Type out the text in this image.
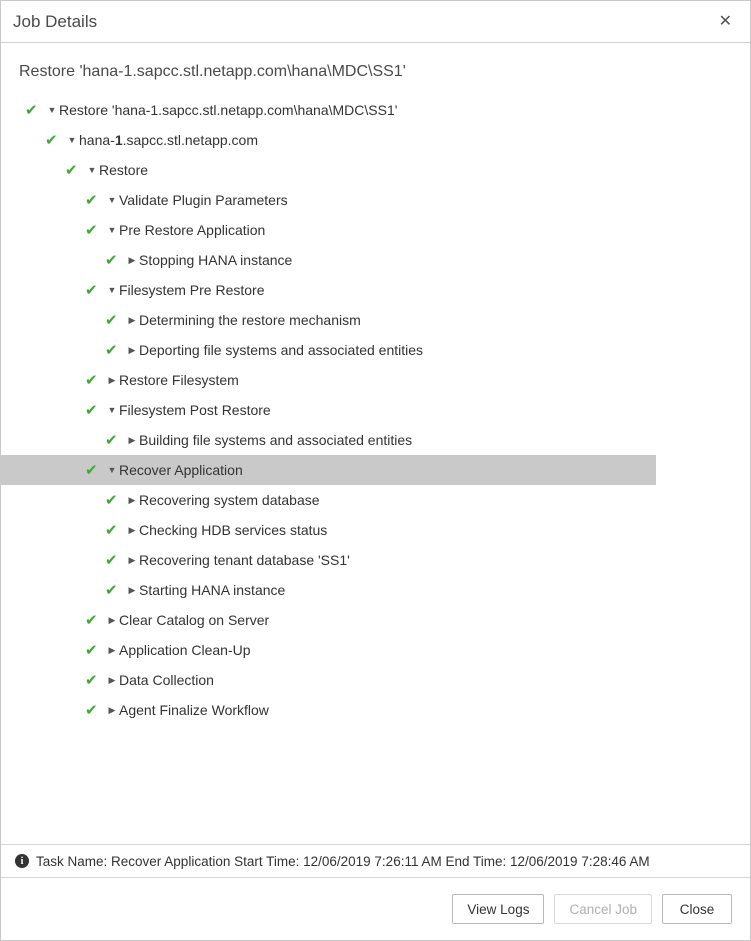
Job Details	✕
Restore 'hana-1.sapcc.stl.netapp.com\hana\MDC\SS1'
✔	▼ Restore 'hana-1.sapcc.stl.netapp.com\hana\MDC\SS1'
✔	▼ hana-1.sapcc.stl.netapp.com
✔	▼ Restore
✔	▼ Validate Plugin Parameters
✔	▼ Pre Restore Application
✔	▶ Stopping HANA instance
✔	▼ Filesystem Pre Restore
✔	▶ Determining the restore mechanism
✔	▶ Deporting file systems and associated entities
✔	▶ Restore Filesystem
✔	▼ Filesystem Post Restore
✔	▶ Building file systems and associated entities
✔	▼ Recover Application
✔	▶ Recovering system database
✔	▶ Checking HDB services status
✔	▶ Recovering tenant database 'SS1'
✔	▶ Starting HANA instance
✔	▶ Clear Catalog on Server
✔	▶ Application Clean-Up
✔	▶ Data Collection
✔	▶ Agent Finalize Workflow
i Task Name: Recover Application Start Time: 12/06/2019 7:26:11 AM End Time: 12/06/2019 7:28:46 AM
View Logs	Cancel Job	Close
